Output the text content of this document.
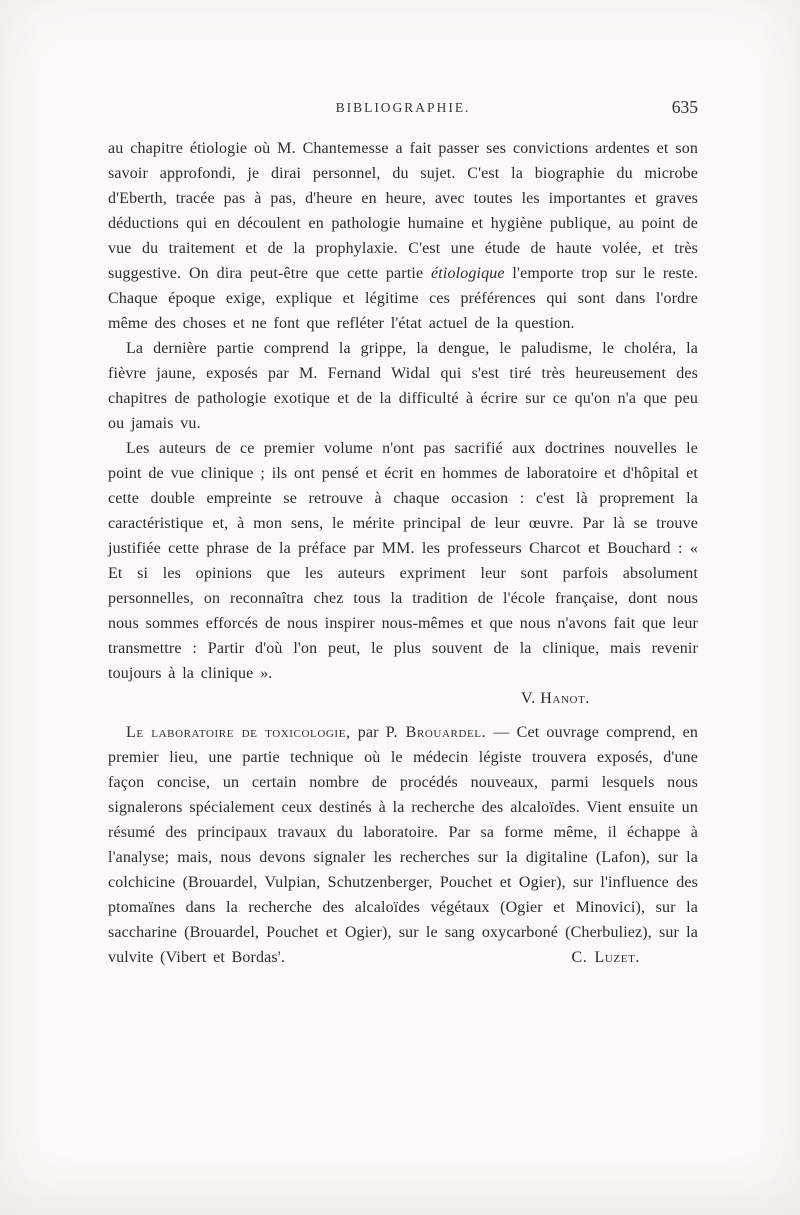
BIBLIOGRAPHIE.	635

au chapitre étiologie où M. Chantemesse a fait passer ses convictions ardentes et son savoir approfondi, je dirai personnel, du sujet. C'est la biographie du microbe d'Eberth, tracée pas à pas, d'heure en heure, avec toutes les importantes et graves déductions qui en découlent en pathologie humaine et hygiène publique, au point de vue du traitement et de la prophylaxie. C'est une étude de haute volée, et très suggestive. On dira peut-être que cette partie étiologique l'emporte trop sur le reste. Chaque époque exige, explique et légitime ces préférences qui sont dans l'ordre même des choses et ne font que refléter l'état actuel de la question.

La dernière partie comprend la grippe, la dengue, le paludisme, le choléra, la fièvre jaune, exposés par M. Fernand Widal qui s'est tiré très heureusement des chapitres de pathologie exotique et de la difficulté à écrire sur ce qu'on n'a que peu ou jamais vu.

Les auteurs de ce premier volume n'ont pas sacrifié aux doctrines nouvelles le point de vue clinique ; ils ont pensé et écrit en hommes de laboratoire et d'hôpital et cette double empreinte se retrouve à chaque occasion : c'est là proprement la caractéristique et, à mon sens, le mérite principal de leur œuvre. Par là se trouve justifiée cette phrase de la préface par MM. les professeurs Charcot et Bouchard : « Et si les opinions que les auteurs expriment leur sont parfois absolument personnelles, on reconnaîtra chez tous la tradition de l'école française, dont nous nous sommes efforcés de nous inspirer nous-mêmes et que nous n'avons fait que leur transmettre : Partir d'où l'on peut, le plus souvent de la clinique, mais revenir toujours à la clinique ».

V. Hanot.

Le laboratoire de toxicologie, par P. Brouardel. — Cet ouvrage comprend, en premier lieu, une partie technique où le médecin légiste trouvera exposés, d'une façon concise, un certain nombre de procédés nouveaux, parmi lesquels nous signalerons spécialement ceux destinés à la recherche des alcaloïdes. Vient ensuite un résumé des principaux travaux du laboratoire. Par sa forme même, il échappe à l'analyse; mais, nous devons signaler les recherches sur la digitaline (Lafon), sur la colchicine (Brouardel, Vulpian, Schutzenberger, Pouchet et Ogier), sur l'influence des ptomaïnes dans la recherche des alcaloïdes végétaux (Ogier et Minovici), sur la saccharine (Brouardel, Pouchet et Ogier), sur le sang oxycarboné (Cherbuliez), sur la vulvite (Vibert et Bordas'.	C. Luzet.
